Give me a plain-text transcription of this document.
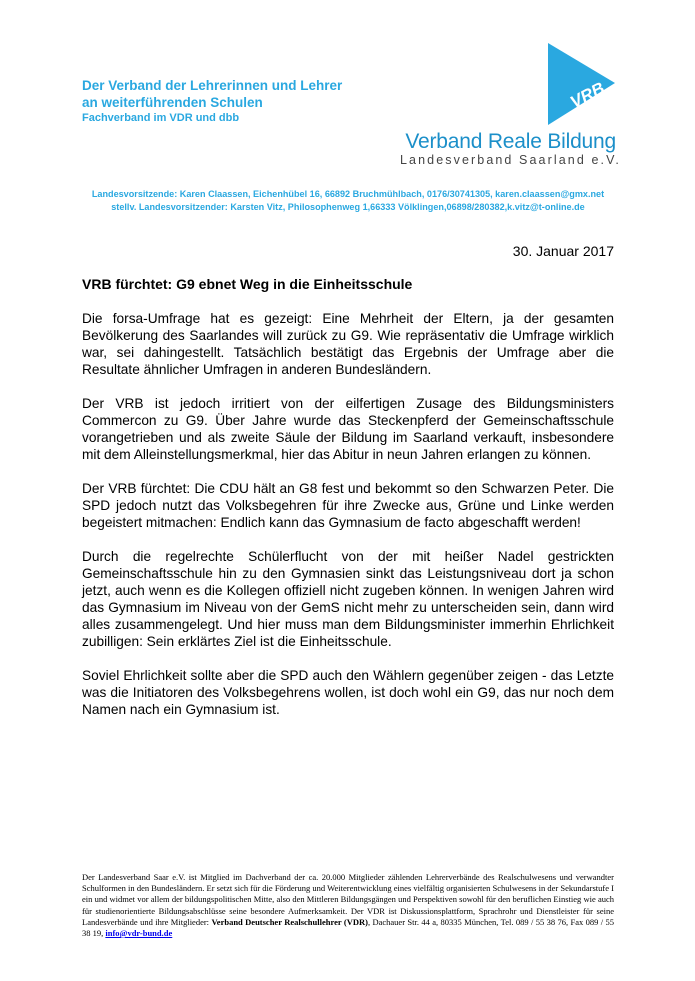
Der Verband der Lehrerinnen und Lehrer
an weiterführenden Schulen
Fachverband im VDR und dbb
VRB
Verband Reale Bildung
Landesverband Saarland e.V.
Landesvorsitzende: Karen Claassen, Eichenhübel 16, 66892 Bruchmühlbach, 0176/30741305, karen.claassen@gmx.net
stellv. Landesvorsitzender: Karsten Vitz, Philosophenweg 1,66333 Völklingen,06898/280382,k.vitz@t-online.de
30. Januar 2017
VRB fürchtet: G9 ebnet Weg in die Einheitsschule

Die forsa-Umfrage hat es gezeigt: Eine Mehrheit der Eltern, ja der gesamten Bevölkerung des Saarlandes will zurück zu G9. Wie repräsentativ die Umfrage wirklich war, sei dahingestellt. Tatsächlich bestätigt das Ergebnis der Umfrage aber die Resultate ähnlicher Umfragen in anderen Bundesländern.

Der VRB ist jedoch irritiert von der eilfertigen Zusage des Bildungsministers Commercon zu G9. Über Jahre wurde das Steckenpferd der Gemeinschaftsschule vorangetrieben und als zweite Säule der Bildung im Saarland verkauft, insbesondere mit dem Alleinstellungsmerkmal, hier das Abitur in neun Jahren erlangen zu können.

Der VRB fürchtet: Die CDU hält an G8 fest und bekommt so den Schwarzen Peter. Die SPD jedoch nutzt das Volksbegehren für ihre Zwecke aus, Grüne und Linke werden begeistert mitmachen: Endlich kann das Gymnasium de facto abgeschafft werden!

Durch die regelrechte Schülerflucht von der mit heißer Nadel gestrickten Gemeinschaftsschule hin zu den Gymnasien sinkt das Leistungsniveau dort ja schon jetzt, auch wenn es die Kollegen offiziell nicht zugeben können. In wenigen Jahren wird das Gymnasium im Niveau von der GemS nicht mehr zu unterscheiden sein, dann wird alles zusammengelegt. Und hier muss man dem Bildungsminister immerhin Ehrlichkeit zubilligen: Sein erklärtes Ziel ist die Einheitsschule.

Soviel Ehrlichkeit sollte aber die SPD auch den Wählern gegenüber zeigen - das Letzte was die Initiatoren des Volksbegehrens wollen, ist doch wohl ein G9, das nur noch dem Namen nach ein Gymnasium ist.

Der Landesverband Saar e.V. ist Mitglied im Dachverband der ca. 20.000 Mitglieder zählenden Lehrerverbände des Realschulwesens und verwandter Schulformen in den Bundesländern. Er setzt sich für die Förderung und Weiterentwicklung eines vielfältig organisierten Schulwesens in der Sekundarstufe I ein und widmet vor allem der bildungspolitischen Mitte, also den Mittleren Bildungsgängen und Perspektiven sowohl für den beruflichen Einstieg wie auch für studienorientierte Bildungsabschlüsse seine besondere Aufmerksamkeit. Der VDR ist Diskussionsplattform, Sprachrohr und Dienstleister für seine Landesverbände und ihre Mitglieder: Verband Deutscher Realschullehrer (VDR), Dachauer Str. 44 a, 80335 München, Tel. 089 / 55 38 76, Fax 089 / 55 38 19, info@vdr-bund.de
